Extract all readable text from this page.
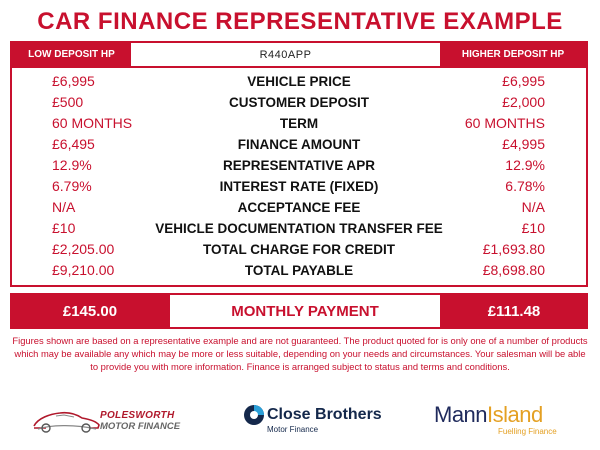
CAR FINANCE REPRESENTATIVE EXAMPLE
LOW DEPOSIT HP	R440APP	HIGHER DEPOSIT HP
£6,995	VEHICLE PRICE	£6,995
£500	CUSTOMER DEPOSIT	£2,000
60 MONTHS	TERM	60 MONTHS
£6,495	FINANCE AMOUNT	£4,995
12.9%	REPRESENTATIVE APR	12.9%
6.79%	INTEREST RATE (FIXED)	6.78%
N/A	ACCEPTANCE FEE	N/A
£10	VEHICLE DOCUMENTATION TRANSFER FEE	£10
£2,205.00	TOTAL CHARGE FOR CREDIT	£1,693.80
£9,210.00	TOTAL PAYABLE	£8,698.80
£145.00	MONTHLY PAYMENT	£111.48
Figures shown are based on a representative example and are not guaranteed. The product quoted for is only one of a number of products which may be available any which may be more or less suitable, depending on your needs and circumstances. Your salesman will be able to provide you with more information. Finance is arranged subject to status and terms and conditions.
POLESWORTH
MOTOR FINANCE
Close Brothers
Motor Finance
MannIsland
Fuelling Finance
